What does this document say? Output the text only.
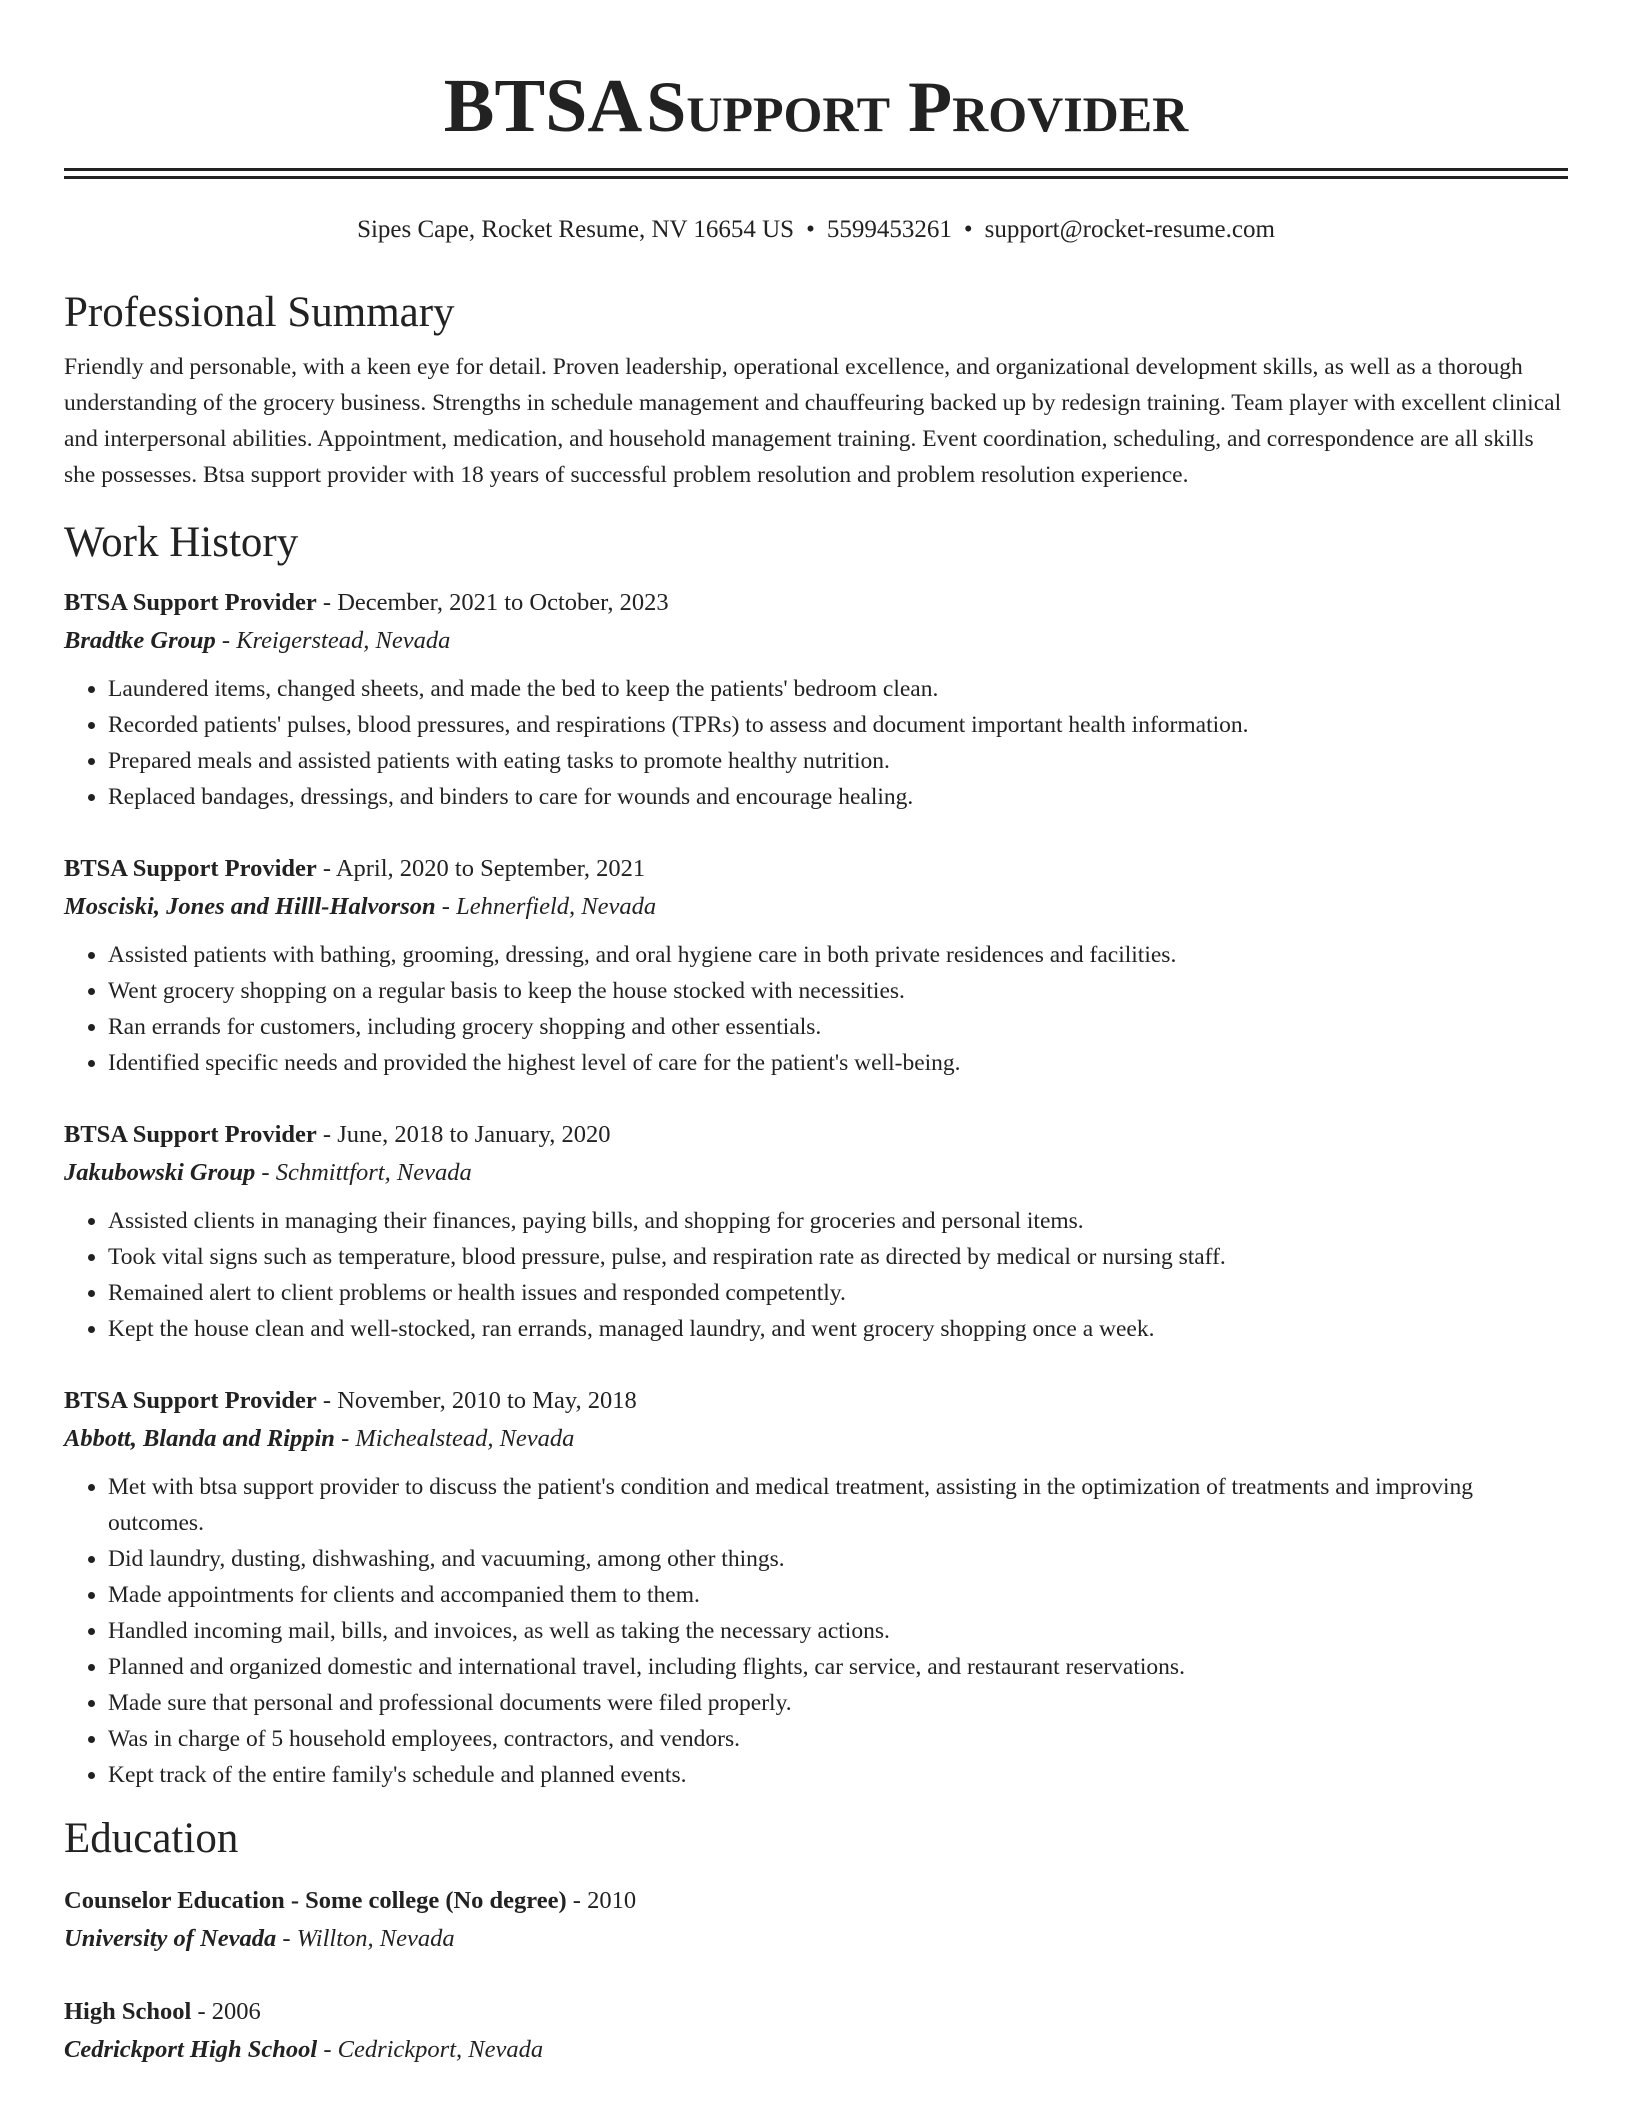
BTSA Support Provider
Sipes Cape, Rocket Resume, NV 16654 US • 5599453261 • support@rocket-resume.com
Professional Summary

Friendly and personable, with a keen eye for detail. Proven leadership, operational excellence, and organizational development skills, as well as a thorough understanding of the grocery business. Strengths in schedule management and chauffeuring backed up by redesign training. Team player with excellent clinical and interpersonal abilities. Appointment, medication, and household management training. Event coordination, scheduling, and correspondence are all skills she possesses. Btsa support provider with 18 years of successful problem resolution and problem resolution experience.

Work History
BTSA Support Provider - December, 2021 to October, 2023
Bradtke Group - Kreigerstead, Nevada
• Laundered items, changed sheets, and made the bed to keep the patients' bedroom clean.
• Recorded patients' pulses, blood pressures, and respirations (TPRs) to assess and document important health information.
• Prepared meals and assisted patients with eating tasks to promote healthy nutrition.
• Replaced bandages, dressings, and binders to care for wounds and encourage healing.
BTSA Support Provider - April, 2020 to September, 2021
Mosciski, Jones and Hilll-Halvorson - Lehnerfield, Nevada
• Assisted patients with bathing, grooming, dressing, and oral hygiene care in both private residences and facilities.
• Went grocery shopping on a regular basis to keep the house stocked with necessities.
• Ran errands for customers, including grocery shopping and other essentials.
• Identified specific needs and provided the highest level of care for the patient's well-being.
BTSA Support Provider - June, 2018 to January, 2020
Jakubowski Group - Schmittfort, Nevada
• Assisted clients in managing their finances, paying bills, and shopping for groceries and personal items.
• Took vital signs such as temperature, blood pressure, pulse, and respiration rate as directed by medical or nursing staff.
• Remained alert to client problems or health issues and responded competently.
• Kept the house clean and well-stocked, ran errands, managed laundry, and went grocery shopping once a week.
BTSA Support Provider - November, 2010 to May, 2018
Abbott, Blanda and Rippin - Michealstead, Nevada
• Met with btsa support provider to discuss the patient's condition and medical treatment, assisting in the optimization of treatments and improving outcomes.
• Did laundry, dusting, dishwashing, and vacuuming, among other things.
• Made appointments for clients and accompanied them to them.
• Handled incoming mail, bills, and invoices, as well as taking the necessary actions.
• Planned and organized domestic and international travel, including flights, car service, and restaurant reservations.
• Made sure that personal and professional documents were filed properly.
• Was in charge of 5 household employees, contractors, and vendors.
• Kept track of the entire family's schedule and planned events.
Education
Counselor Education - Some college (No degree) - 2010
University of Nevada - Willton, Nevada
High School - 2006
Cedrickport High School - Cedrickport, Nevada
